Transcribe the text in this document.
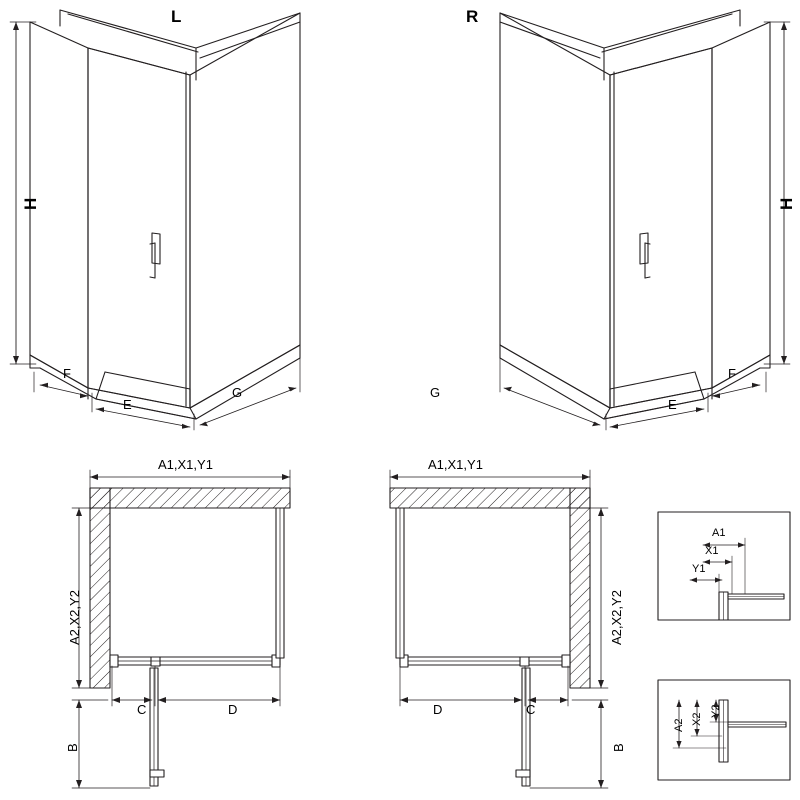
L	R
H	H
F
E
G	G
E
F
A1,X1,Y1	A1,X1,Y1
A2,X2,Y2	A2,X2,Y2
C	D	D	C
B	B
A1
X1
Y1
A2 X2
Y2
